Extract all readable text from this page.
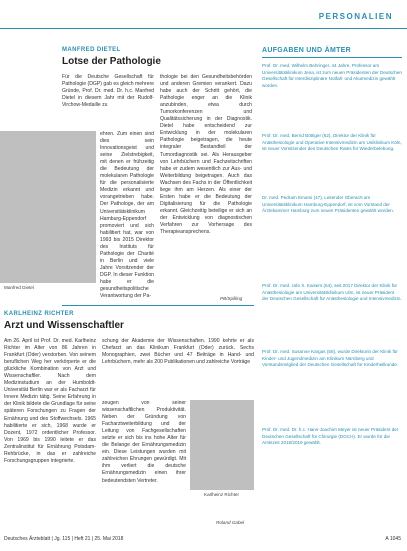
PERSONALIEN
MANFRED DIETEL
Lotse der Pathologie
Für die Deutsche Gesellschaft für Pathologie (DGP) gab es gleich mehrere Gründe, Prof. Dr. med. Dr. h.c. Manfred Dietel in diesem Jahr mit der Rudolf-Virchow-Medaille zu
ehren. Zum einen sind dies sein Innovationsgeist und seine Zielstrebigkeit, mit denen er frühzeitig die Bedeutung der molekularen Pathologie für die personalisierte Medizin erkannt und vorangetrieben habe. Der Pathologe, der am Universitätsklinikum Hamburg-Eppendorf promoviert und sich habilitiert hat, war von 1993 bis 2015 Direktor des Instituts für Pathologie der Charité in Berlin und viele Jahre Vorsitzender der DGP. In dieser Funktion habe er die gesundheitspolitische Verantwortung der Pa-
Manfred Dietel
thologie bei den Gesundheitsbehörden und anderen Gremien verankert. Dazu habe auch der Schritt gehört, die Pathologie enger an die Klinik anzubinden, etwa durch Tumorkonferenzen und Qualitätssicherung in der Diagnostik. Dietel habe entscheidend zur Entwicklung in der molekularen Pathologie beigetragen, die heute integraler Bestandteil der Tumordiagnostik sei. Als Herausgeber von Lehrbüchern und Fachzeitschriften habe er zudem wesentlich zur Aus- und Weiterbildung beigetragen. Auch das Wachsen des Fachs in der Öffentlichkeit liege ihm am Herzen. Als einer der Ersten habe er die Bedeutung der Digitalisierung für die Pathologie erkannt. Gleichzeitig beteilige er sich an der Entwicklung von diagnostischen Verfahren zur Vorhersage des Therapieansprechens.
PB/Spilling
KARLHEINZ RICHTER
Arzt und Wissenschaftler
Am 26. April ist Prof. Dr. med. Karlheinz Richter im Alter von 86 Jahren in Frankfurt (Oder) verstorben. Von seinem beruflichen Weg her verkörperte er die glückliche Kombination von Arzt und Wissenschaftler. Nach dem Medizinstudium an der Humboldt-Universität Berlin war er als Facharzt für Innere Medizin tätig. Seine Erfahrung in der Klinik bildete die Grundlage für seine späteren Forschungen zu Fragen der Ernährung und des Stoffwechsels. 1965 habilitierte er sich, 1968 wurde er Dozent, 1972 ordentlicher Professor. Von 1969 bis 1990 leitete er das Zentralinstitut für Ernährung Potsdam-Rehbrücke, in das er zahlreiche Forschungsgruppen integrierte.
schung der Akademie der Wissenschaften. 1990 kehrte er als Chefarzt an das Klinikum Frankfurt (Oder) zurück. Sechs Monographien, zwei Bücher und 47 Beiträge in Hand- und Lehrbüchern, mehr als 200 Publikationen und zahlreiche Vorträge
zeugen von seiner wissenschaftlichen Produktivität. Neben der Gründung von Facharztweiterbildung und der Leitung von Fachgesellschaften setzte er sich bis ins hohe Alter für die Belange der Ernährungsmedizin ein. Diese Leistungen wurden mit zahlreichen Ehrungen gewürdigt. Mit ihm verliert die deutsche Ernährungsmedizin einen ihrer bedeutendsten Vertreter.
Karlheinz Richter
Roland Gabel
AUFGABEN UND ÄMTER
Prof. Dr. med. Wilhelm Behringer, 44 Jahre, Professor am Universitätsklinikum Jena, ist zum neuen Präsidenten der Deutschen Gesellschaft für Interdisziplinäre Notfall- und Akutmedizin gewählt worden.
Prof. Dr. med. Bernd Böttiger (62), Direktor der Klinik für Anästhesiologie und Operative Intensivmedizin am Uniklinikum Köln, ist neuer Vorsitzender des Deutschen Rates für Wiederbelebung.
Dr. med. Pedram Emami (47), Leitender Oberarzt am Universitätsklinikum Hamburg-Eppendorf, ist vom Vorstand der Ärztekammer Hamburg zum neuen Präsidenten gewählt worden.
Prof. Dr. med. Udo X. Kaisers (54), seit 2017 Direktor der Klinik für Anästhesiologie am Universitätsklinikum Ulm, ist neuer Präsident der Deutschen Gesellschaft für Anästhesiologie und Intensivmedizin.
Prof. Dr. med. Susanne Kargas (55), wurde Direktorin der Klinik für Kinder- und Jugendmedizin am Klinikum Nürnberg und Vorstandsmitglied der Deutschen Gesellschaft für Kinderheilkunde.
Prof. Dr. med. Dr. h.c. Hans-Joachim Meyer ist neuer Präsident der Deutschen Gesellschaft für Chirurgie (DGCH). Er wurde für die Amtszeit 2018/2019 gewählt.
Deutsches Ärzteblatt | Jg. 115 | Heft 21 | 25. Mai 2018	A 1045
